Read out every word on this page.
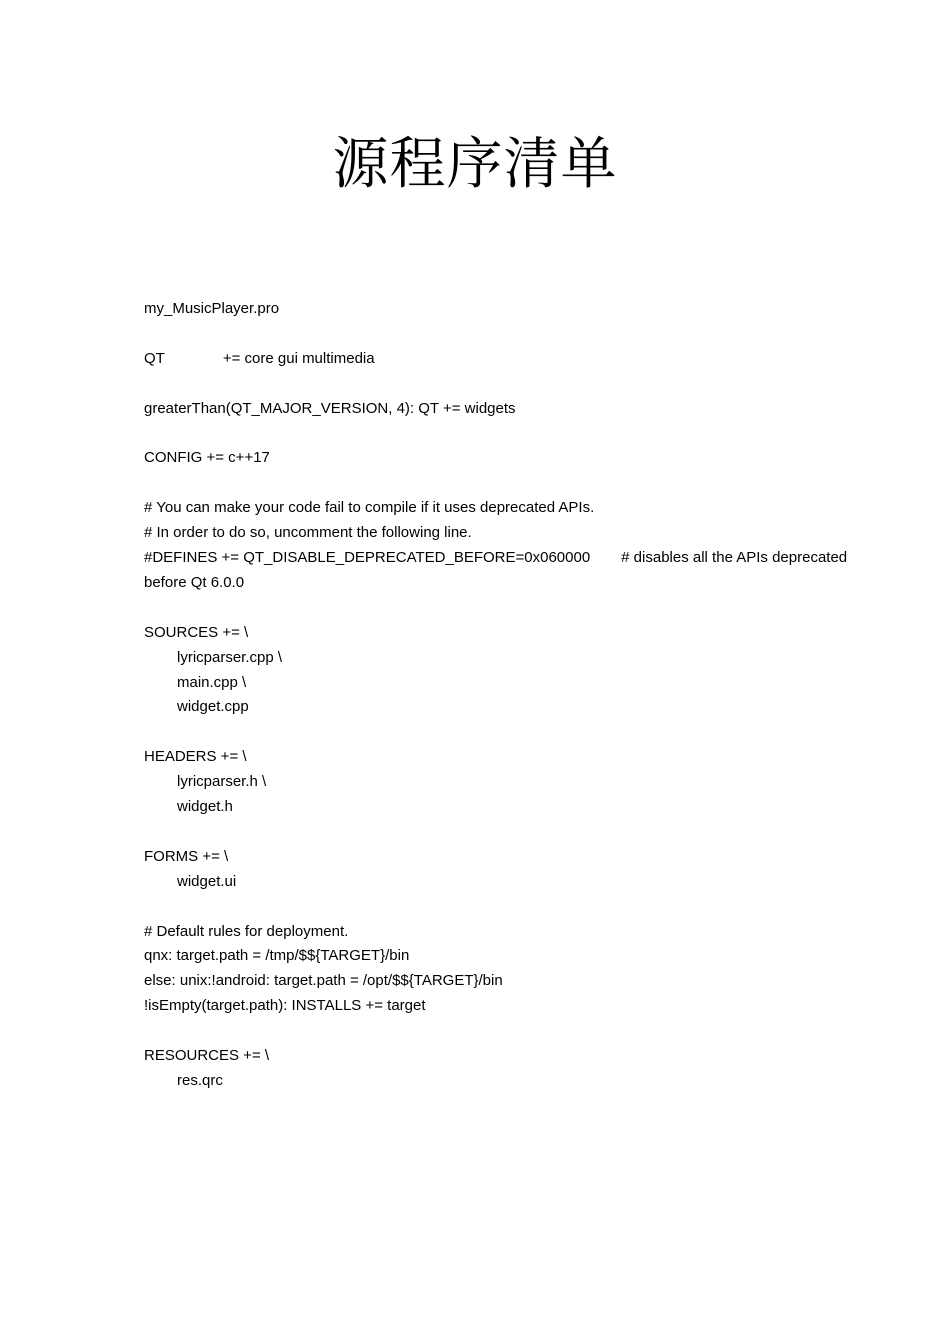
源程序清单
my_MusicPlayer.pro
QT	+= core gui multimedia
greaterThan(QT_MAJOR_VERSION, 4): QT += widgets
CONFIG += c++17
# You can make your code fail to compile if it uses deprecated APIs.
# In order to do so, uncomment the following line.
#DEFINES += QT_DISABLE_DEPRECATED_BEFORE=0x060000 # disables all the APIs deprecated
before Qt 6.0.0
SOURCES += \
lyricparser.cpp \
main.cpp \
widget.cpp
HEADERS += \
lyricparser.h \
widget.h
FORMS += \
widget.ui
# Default rules for deployment.
qnx: target.path = /tmp/$${TARGET}/bin
else: unix:!android: target.path = /opt/$${TARGET}/bin
!isEmpty(target.path): INSTALLS += target
RESOURCES += \
res.qrc
